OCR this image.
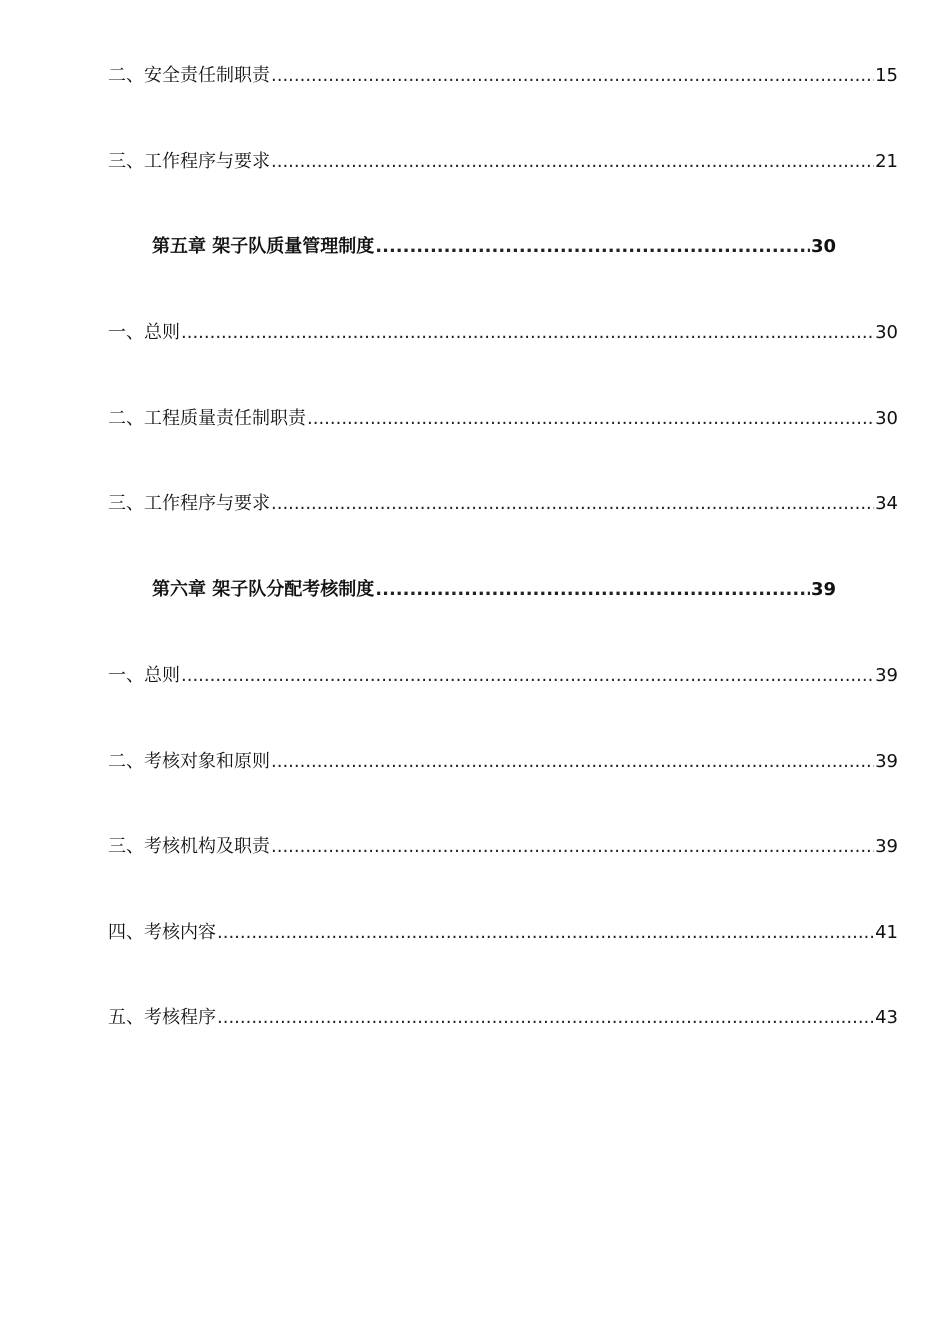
二、安全责任制职责 .....	15
三、工作程序与要求 .....	21
第五章 架子队质量管理制度 .....	30
一、总则 .....	30
二、工程质量责任制职责 .....	30
三、工作程序与要求 .....	34
第六章 架子队分配考核制度 .....	39
一、总则 .....	39
二、考核对象和原则 .....	39
三、考核机构及职责 .....	39
四、考核内容 .....	41
五、考核程序 .....	43
